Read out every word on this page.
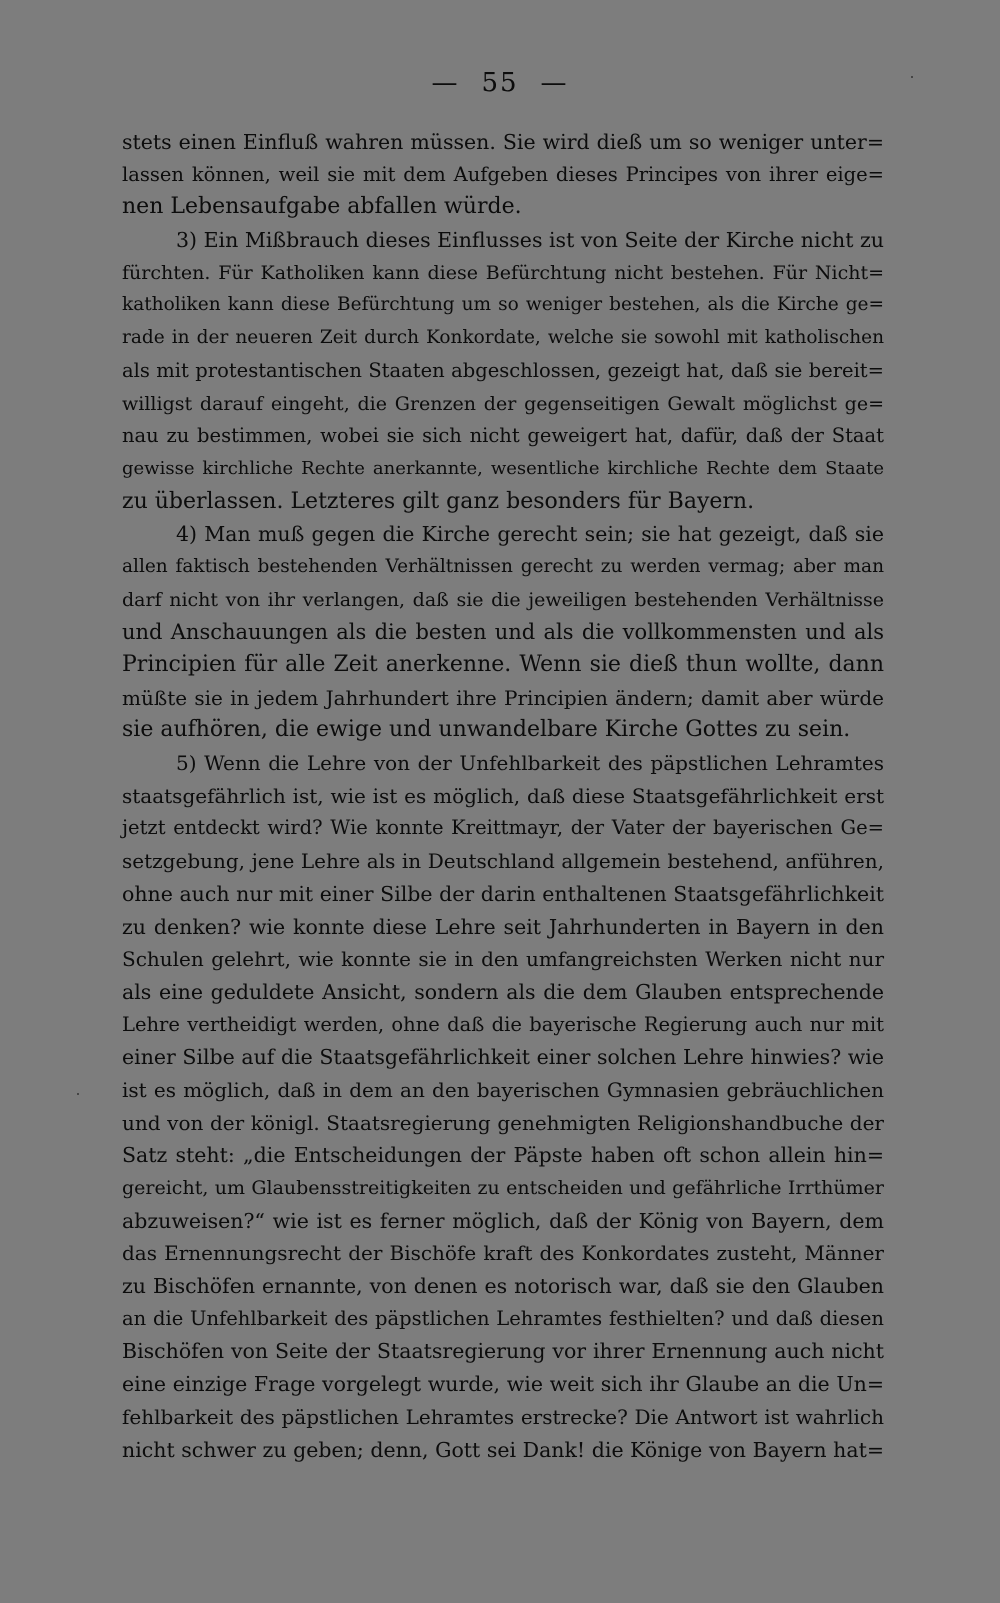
— 55 —
stets einen Einfluß wahren müssen. Sie wird dieß um so weniger unter=
lassen können, weil sie mit dem Aufgeben dieses Principes von ihrer eige=
nen Lebensaufgabe abfallen würde.
3) Ein Mißbrauch dieses Einflusses ist von Seite der Kirche nicht zu
fürchten. Für Katholiken kann diese Befürchtung nicht bestehen. Für Nicht=
katholiken kann diese Befürchtung um so weniger bestehen, als die Kirche ge=
rade in der neueren Zeit durch Konkordate, welche sie sowohl mit katholischen
als mit protestantischen Staaten abgeschlossen, gezeigt hat, daß sie bereit=
willigst darauf eingeht, die Grenzen der gegenseitigen Gewalt möglichst ge=
nau zu bestimmen, wobei sie sich nicht geweigert hat, dafür, daß der Staat
gewisse kirchliche Rechte anerkannte, wesentliche kirchliche Rechte dem Staate
zu überlassen. Letzteres gilt ganz besonders für Bayern.
4) Man muß gegen die Kirche gerecht sein; sie hat gezeigt, daß sie
allen faktisch bestehenden Verhältnissen gerecht zu werden vermag; aber man
darf nicht von ihr verlangen, daß sie die jeweiligen bestehenden Verhältnisse
und Anschauungen als die besten und als die vollkommensten und als
Principien für alle Zeit anerkenne. Wenn sie dieß thun wollte, dann
müßte sie in jedem Jahrhundert ihre Principien ändern; damit aber würde
sie aufhören, die ewige und unwandelbare Kirche Gottes zu sein.
5) Wenn die Lehre von der Unfehlbarkeit des päpstlichen Lehramtes
staatsgefährlich ist, wie ist es möglich, daß diese Staatsgefährlichkeit erst
jetzt entdeckt wird? Wie konnte Kreittmayr, der Vater der bayerischen Ge=
setzgebung, jene Lehre als in Deutschland allgemein bestehend, anführen,
ohne auch nur mit einer Silbe der darin enthaltenen Staatsgefährlichkeit
zu denken? wie konnte diese Lehre seit Jahrhunderten in Bayern in den
Schulen gelehrt, wie konnte sie in den umfangreichsten Werken nicht nur
als eine geduldete Ansicht, sondern als die dem Glauben entsprechende
Lehre vertheidigt werden, ohne daß die bayerische Regierung auch nur mit
einer Silbe auf die Staatsgefährlichkeit einer solchen Lehre hinwies? wie
ist es möglich, daß in dem an den bayerischen Gymnasien gebräuchlichen
und von der königl. Staatsregierung genehmigten Religionshandbuche der
Satz steht: „die Entscheidungen der Päpste haben oft schon allein hin=
gereicht, um Glaubensstreitigkeiten zu entscheiden und gefährliche Irrthümer
abzuweisen?“ wie ist es ferner möglich, daß der König von Bayern, dem
das Ernennungsrecht der Bischöfe kraft des Konkordates zusteht, Männer
zu Bischöfen ernannte, von denen es notorisch war, daß sie den Glauben
an die Unfehlbarkeit des päpstlichen Lehramtes festhielten? und daß diesen
Bischöfen von Seite der Staatsregierung vor ihrer Ernennung auch nicht
eine einzige Frage vorgelegt wurde, wie weit sich ihr Glaube an die Un=
fehlbarkeit des päpstlichen Lehramtes erstrecke? Die Antwort ist wahrlich
nicht schwer zu geben; denn, Gott sei Dank! die Könige von Bayern hat=
